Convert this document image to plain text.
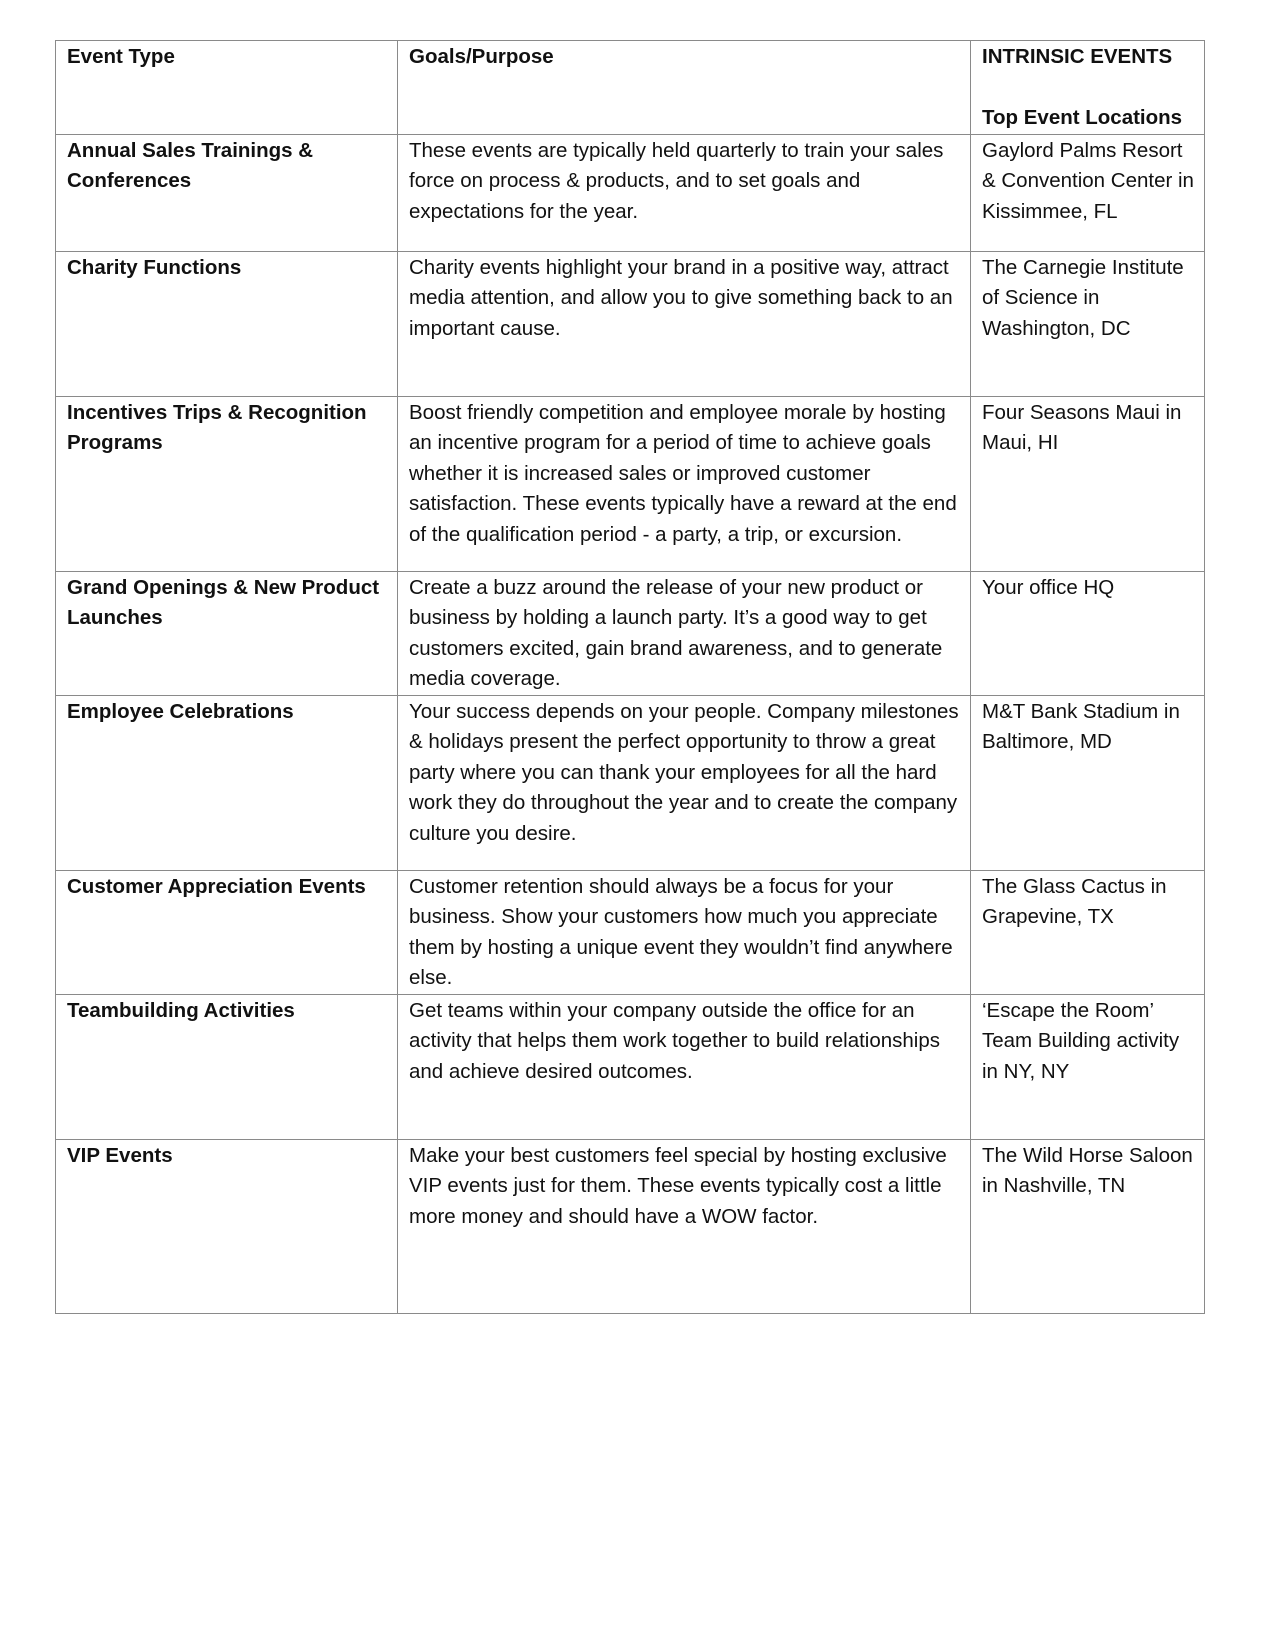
Event Type	Goals/Purpose	INTRINSIC EVENTS
Top Event Locations

Annual Sales Trainings & Conferences	These events are typically held quarterly to train your sales force on process & products, and to set goals and expectations for the year.	Gaylord Palms Resort & Convention Center in Kissimmee, FL
Charity Functions	Charity events highlight your brand in a positive way, attract media attention, and allow you to give something back to an important cause.	The Carnegie Institute of Science in Washington, DC
Incentives Trips & Recognition Programs	Boost friendly competition and employee morale by hosting an incentive program for a period of time to achieve goals whether it is increased sales or improved customer satisfaction. These events typically have a reward at the end of the qualification period - a party, a trip, or excursion.	Four Seasons Maui in Maui, HI
Grand Openings & New Product Launches	Create a buzz around the release of your new product or business by holding a launch party. It’s a good way to get customers excited, gain brand awareness, and to generate media coverage.	Your office HQ
Employee Celebrations	Your success depends on your people. Company milestones & holidays present the perfect opportunity to throw a great party where you can thank your employees for all the hard work they do throughout the year and to create the company culture you desire.	M&T Bank Stadium in Baltimore, MD
Customer Appreciation Events	Customer retention should always be a focus for your business. Show your customers how much you appreciate them by hosting a unique event they wouldn’t find anywhere else.	The Glass Cactus in Grapevine, TX
Teambuilding Activities	Get teams within your company outside the office for an activity that helps them work together to build relationships and achieve desired outcomes.	‘Escape the Room’ Team Building activity in NY, NY
VIP Events	Make your best customers feel special by hosting exclusive VIP events just for them. These events typically cost a little more money and should have a WOW factor.	The Wild Horse Saloon in Nashville, TN
